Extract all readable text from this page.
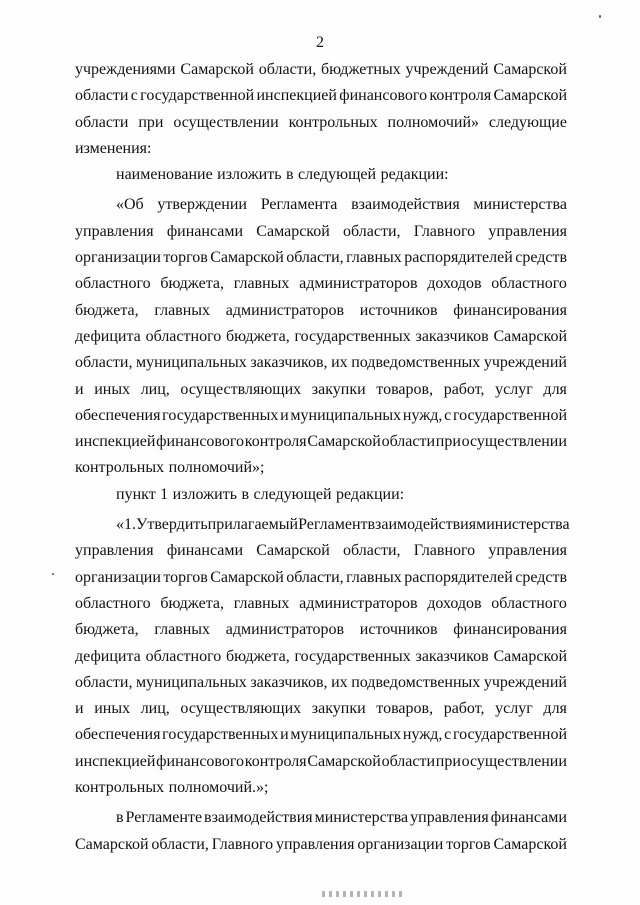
2
учреждениями Самарской области, бюджетных учреждений Самарской
области с государственной инспекцией финансового контроля Самарской
области при осуществлении контрольных полномочий» следующие
изменения:
наименование изложить в следующей редакции:
«Об утверждении Регламента взаимодействия министерства
управления финансами Самарской области, Главного управления
организации торгов Самарской области, главных распорядителей средств
областного бюджета, главных администраторов доходов областного
бюджета, главных администраторов источников финансирования
дефицита областного бюджета, государственных заказчиков Самарской
области, муниципальных заказчиков, их подведомственных учреждений
и иных лиц, осуществляющих закупки товаров, работ, услуг для
обеспечения государственных и муниципальных нужд, с государственной
инспекцией финансового контроля Самарской области при осуществлении
контрольных полномочий»;
пункт 1 изложить в следующей редакции:
«1. Утвердить прилагаемый Регламент взаимодействия министерства
управления финансами Самарской области, Главного управления
организации торгов Самарской области, главных распорядителей средств
областного бюджета, главных администраторов доходов областного
бюджета, главных администраторов источников финансирования
дефицита областного бюджета, государственных заказчиков Самарской
области, муниципальных заказчиков, их подведомственных учреждений
и иных лиц, осуществляющих закупки товаров, работ, услуг для
обеспечения государственных и муниципальных нужд, с государственной
инспекцией финансового контроля Самарской области при осуществлении
контрольных полномочий.»;
в Регламенте взаимодействия министерства управления финансами
Самарской области, Главного управления организации торгов Самарской
